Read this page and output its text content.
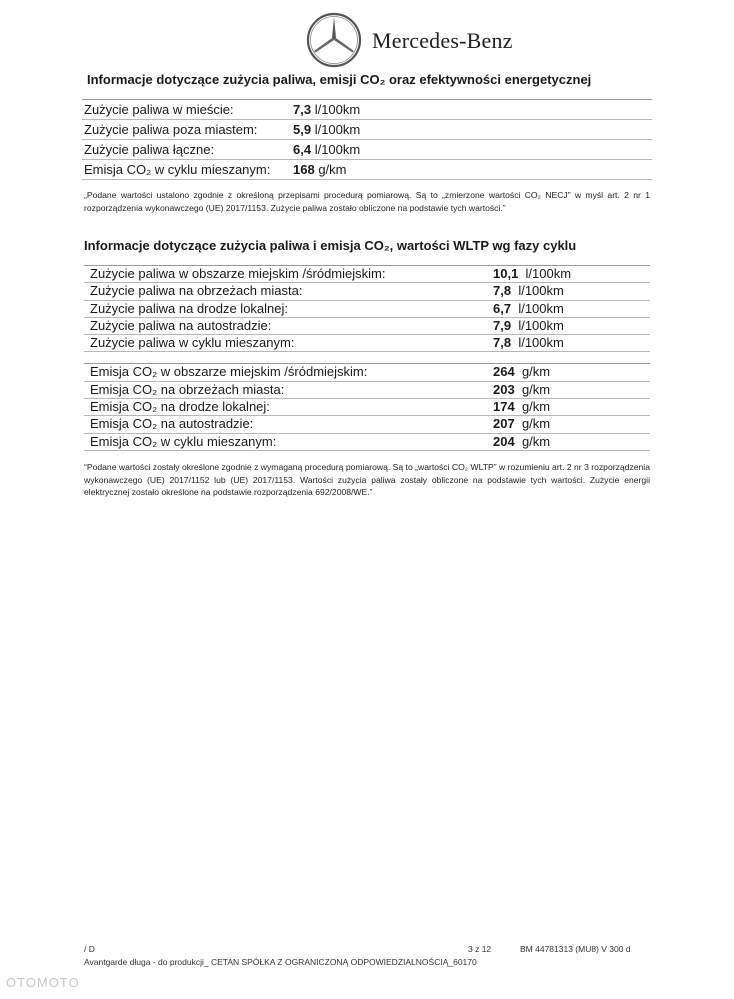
Mercedes-Benz
Informacje dotyczące zużycia paliwa, emisji CO₂ oraz efektywności energetycznej
Zużycie paliwa w mieście:	7,3 l/100km
Zużycie paliwa poza miastem:	5,9 l/100km
Zużycie paliwa łączne:	6,4 l/100km
Emisja CO₂ w cyklu mieszanym: 168 g/km
„Podane wartości ustalono zgodnie z określoną przepisami procedurą pomiarową. Są to „zmierzone wartości CO₂ NECJ” w myśl art. 2 nr 1 rozporządzenia wykonawczego (UE) 2017/1153. Zużycie paliwa zostało obliczone na podstawie tych wartości.”
Informacje dotyczące zużycia paliwa i emisja CO₂, wartości WLTP wg fazy cyklu
Zużycie paliwa w obszarze miejskim /śródmiejskim:	10,1 l/100km
Zużycie paliwa na obrzeżach miasta:	7,8 l/100km
Zużycie paliwa na drodze lokalnej:	6,7 l/100km
Zużycie paliwa na autostradzie:	7,9 l/100km
Zużycie paliwa w cyklu mieszanym:	7,8 l/100km
Emisja CO₂ w obszarze miejskim /śródmiejskim:	264 g/km
Emisja CO₂ na obrzeżach miasta:	203 g/km
Emisja CO₂ na drodze lokalnej:	174 g/km
Emisja CO₂ na autostradzie:	207 g/km
Emisja CO₂ w cyklu mieszanym:	204 g/km
“Podane wartości zostały określone zgodnie z wymaganą procedurą pomiarową. Są to „wartości CO₂ WLTP” w rozumieniu art. 2 nr 3 rozporządzenia wykonawczego (UE) 2017/1152 lub (UE) 2017/1153. Wartości zużycia paliwa zostały obliczone na podstawie tych wartości. Zużycie energii elektrycznej zostało określone na podstawie rozporządzenia 692/2008/WE.”
/ D	3 z 12	BM 44781313 (MU8) V 300 d
Avantgarde długa - do produkcji_ CETAN SPÓŁKA Z OGRANICZONĄ ODPOWIEDZIALNOŚCIĄ_60170
OTOMOTO
